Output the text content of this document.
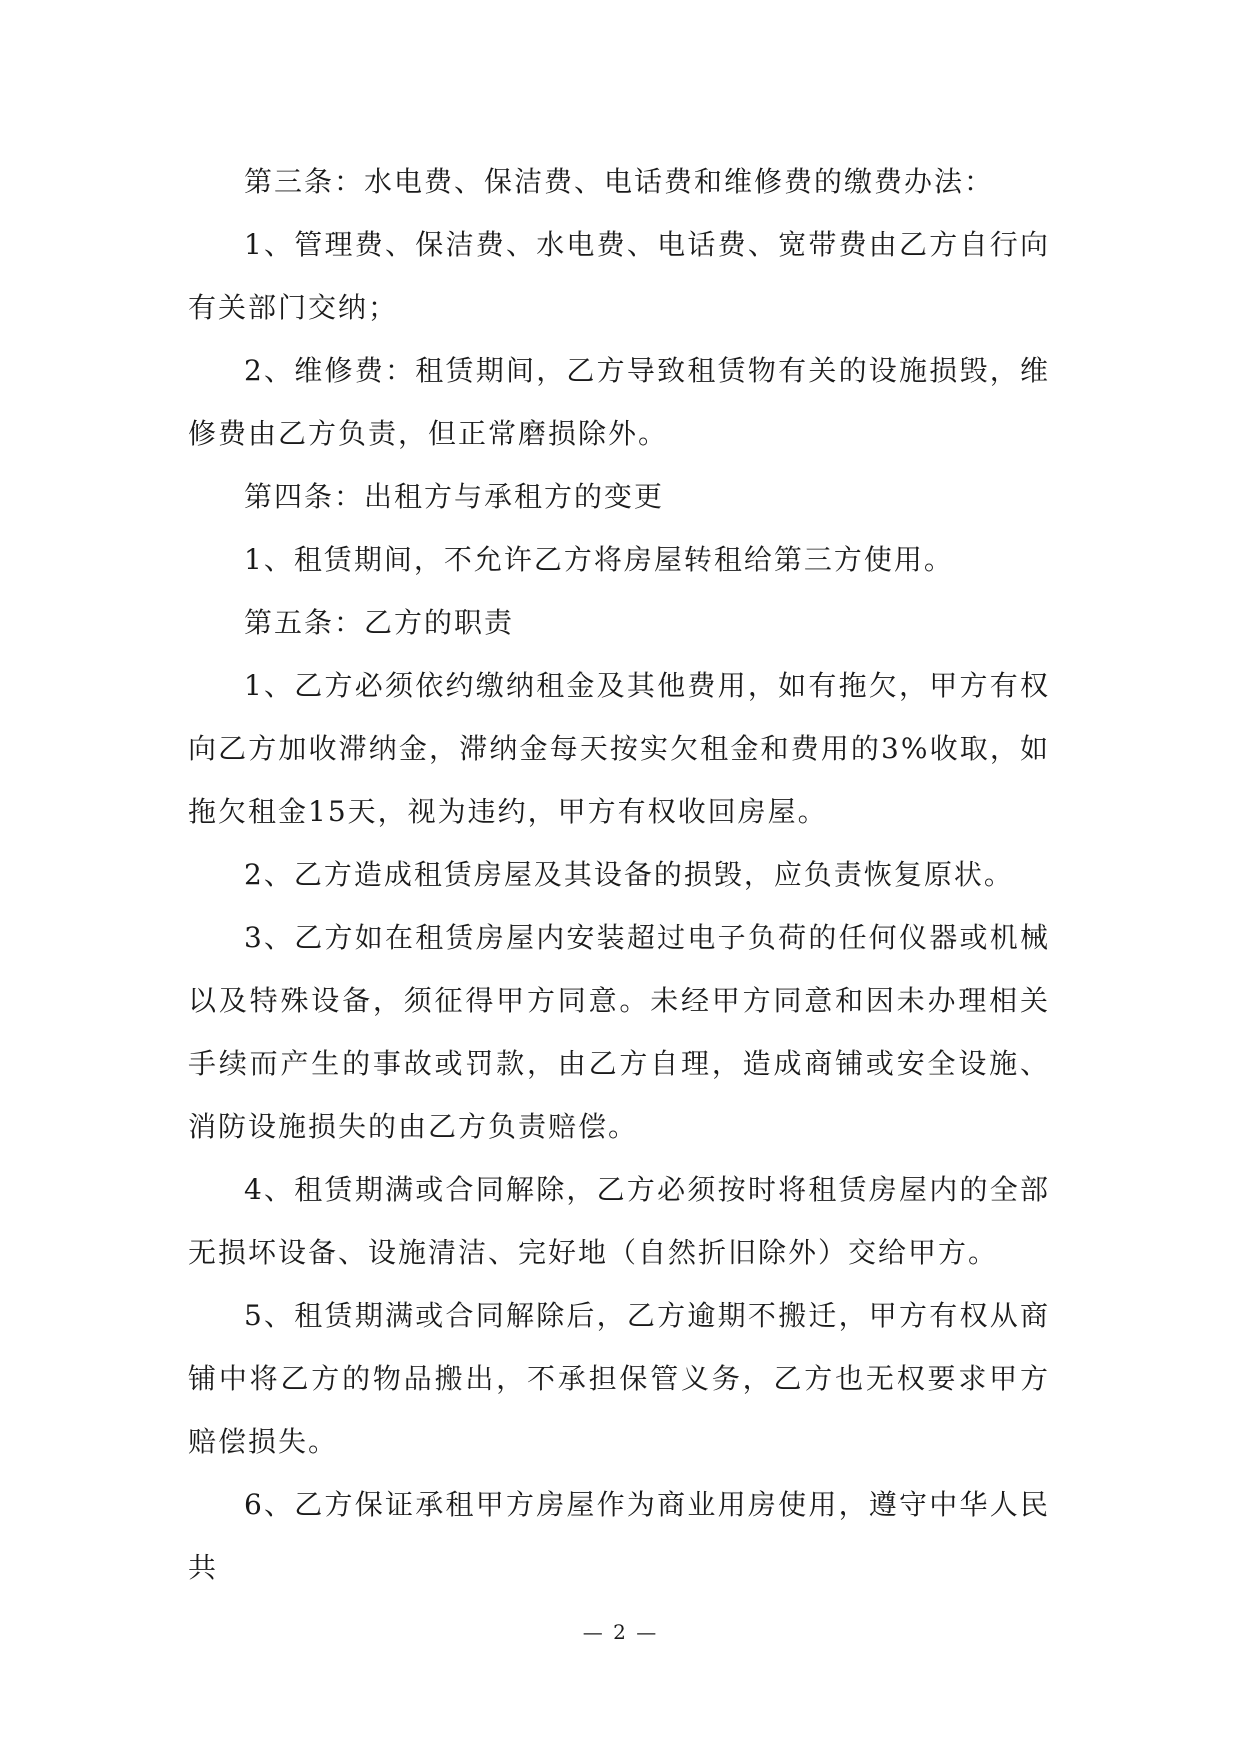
第三条：水电费、保洁费、电话费和维修费的缴费办法：

1、管理费、保洁费、水电费、电话费、宽带费由乙方自行向有关部门交纳；

2、维修费：租赁期间，乙方导致租赁物有关的设施损毁，维修费由乙方负责，但正常磨损除外。

第四条：出租方与承租方的变更

1、租赁期间，不允许乙方将房屋转租给第三方使用。

第五条：乙方的职责

1、乙方必须依约缴纳租金及其他费用，如有拖欠，甲方有权向乙方加收滞纳金，滞纳金每天按实欠租金和费用的3%收取，如拖欠租金15天，视为违约，甲方有权收回房屋。

2、乙方造成租赁房屋及其设备的损毁，应负责恢复原状。

3、乙方如在租赁房屋内安装超过电子负荷的任何仪器或机械以及特殊设备，须征得甲方同意。未经甲方同意和因未办理相关手续而产生的事故或罚款，由乙方自理，造成商铺或安全设施、消防设施损失的由乙方负责赔偿。

4、租赁期满或合同解除，乙方必须按时将租赁房屋内的全部无损坏设备、设施清洁、完好地（自然折旧除外）交给甲方。

5、租赁期满或合同解除后，乙方逾期不搬迁，甲方有权从商铺中将乙方的物品搬出，不承担保管义务，乙方也无权要求甲方赔偿损失。

6、乙方保证承租甲方房屋作为商业用房使用，遵守中华人民共

— 2 —
